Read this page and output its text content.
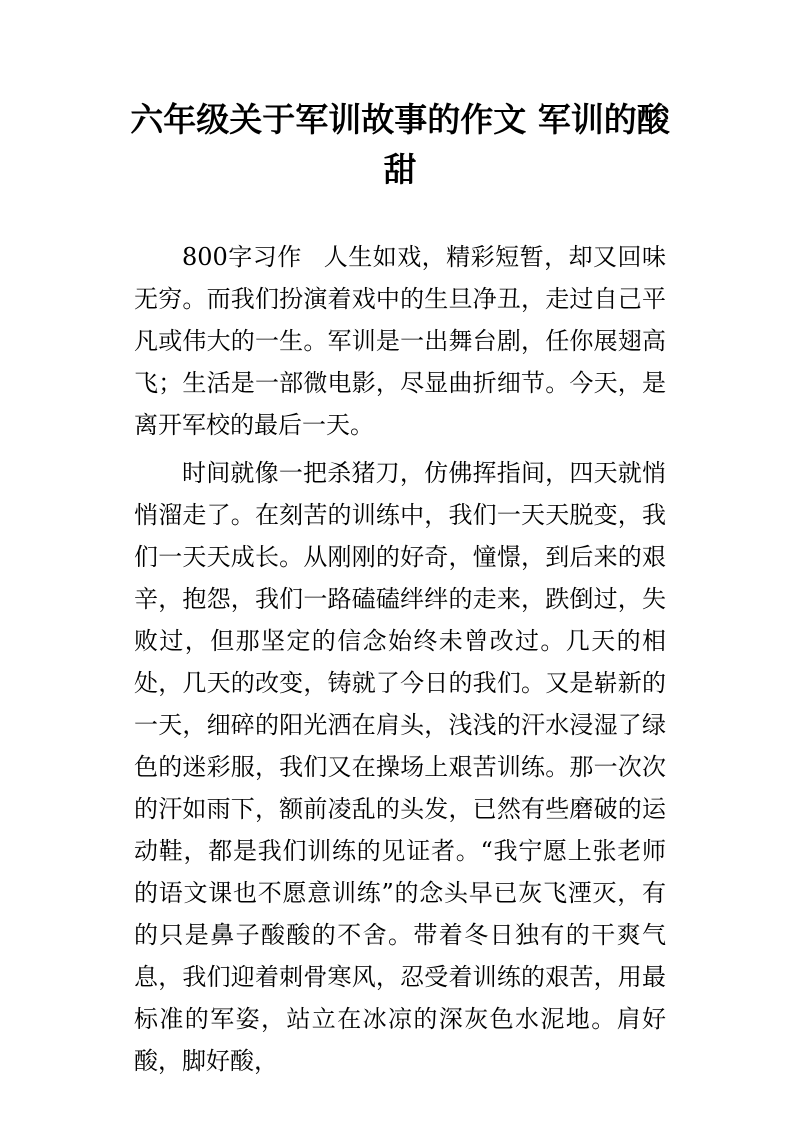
六年级关于军训故事的作文 军训的酸甜

800字习作 人生如戏，精彩短暂，却又回味无穷。而我们扮演着戏中的生旦净丑，走过自己平凡或伟大的一生。军训是一出舞台剧，任你展翅高飞；生活是一部微电影，尽显曲折细节。今天，是离开军校的最后一天。

时间就像一把杀猪刀，仿佛挥指间，四天就悄悄溜走了。在刻苦的训练中，我们一天天脱变，我们一天天成长。从刚刚的好奇，憧憬，到后来的艰辛，抱怨，我们一路磕磕绊绊的走来，跌倒过，失败过，但那坚定的信念始终未曾改过。几天的相处，几天的改变，铸就了今日的我们。又是崭新的一天，细碎的阳光洒在肩头，浅浅的汗水浸湿了绿色的迷彩服，我们又在操场上艰苦训练。那一次次的汗如雨下，额前凌乱的头发，已然有些磨破的运动鞋，都是我们训练的见证者。“我宁愿上张老师的语文课也不愿意训练”的念头早已灰飞湮灭，有的只是鼻子酸酸的不舍。带着冬日独有的干爽气息，我们迎着刺骨寒风，忍受着训练的艰苦，用最标准的军姿，站立在冰凉的深灰色水泥地。肩好酸，脚好酸，
